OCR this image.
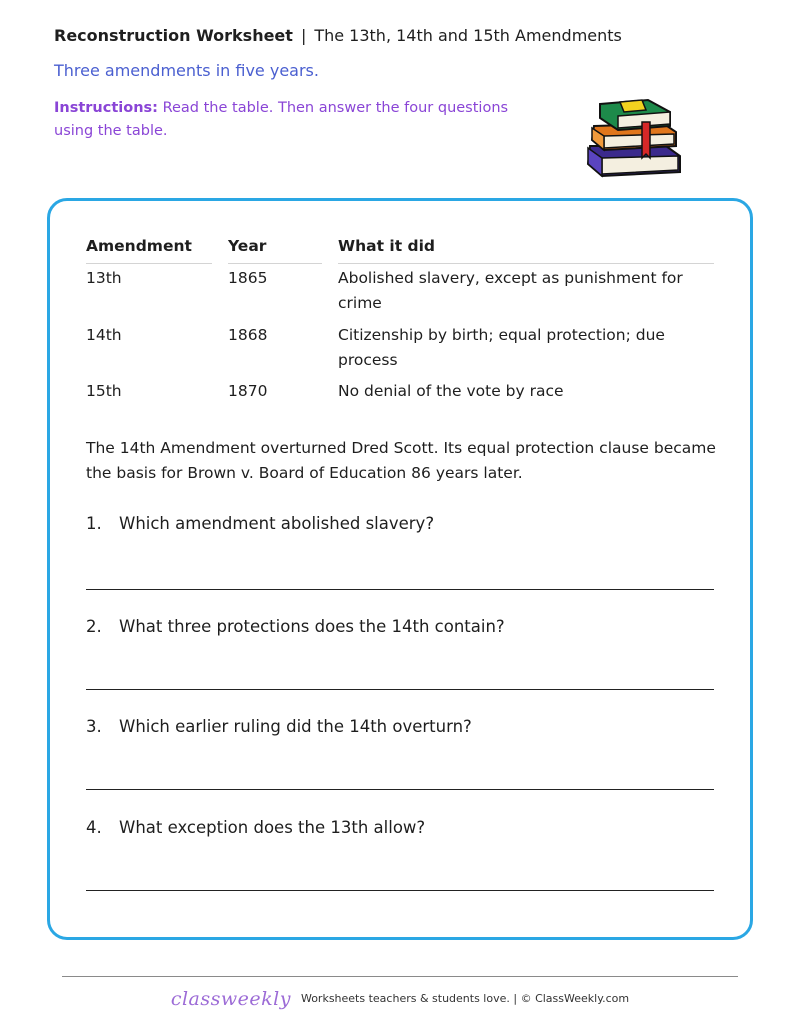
Reconstruction Worksheet | The 13th, 14th and 15th Amendments
Three amendments in five years.
Instructions: Read the table. Then answer the four questions using the table.
Amendment	Year	What it did
13th	1865	Abolished slavery, except as punishment for crime
14th	1868	Citizenship by birth; equal protection; due process
15th	1870	No denial of the vote by race
The 14th Amendment overturned Dred Scott. Its equal protection clause became the basis for Brown v. Board of Education 86 years later.
1. Which amendment abolished slavery?
2. What three protections does the 14th contain?
3. Which earlier ruling did the 14th overturn?
4. What exception does the 13th allow?
classweekly Worksheets teachers & students love. | © ClassWeekly.com
